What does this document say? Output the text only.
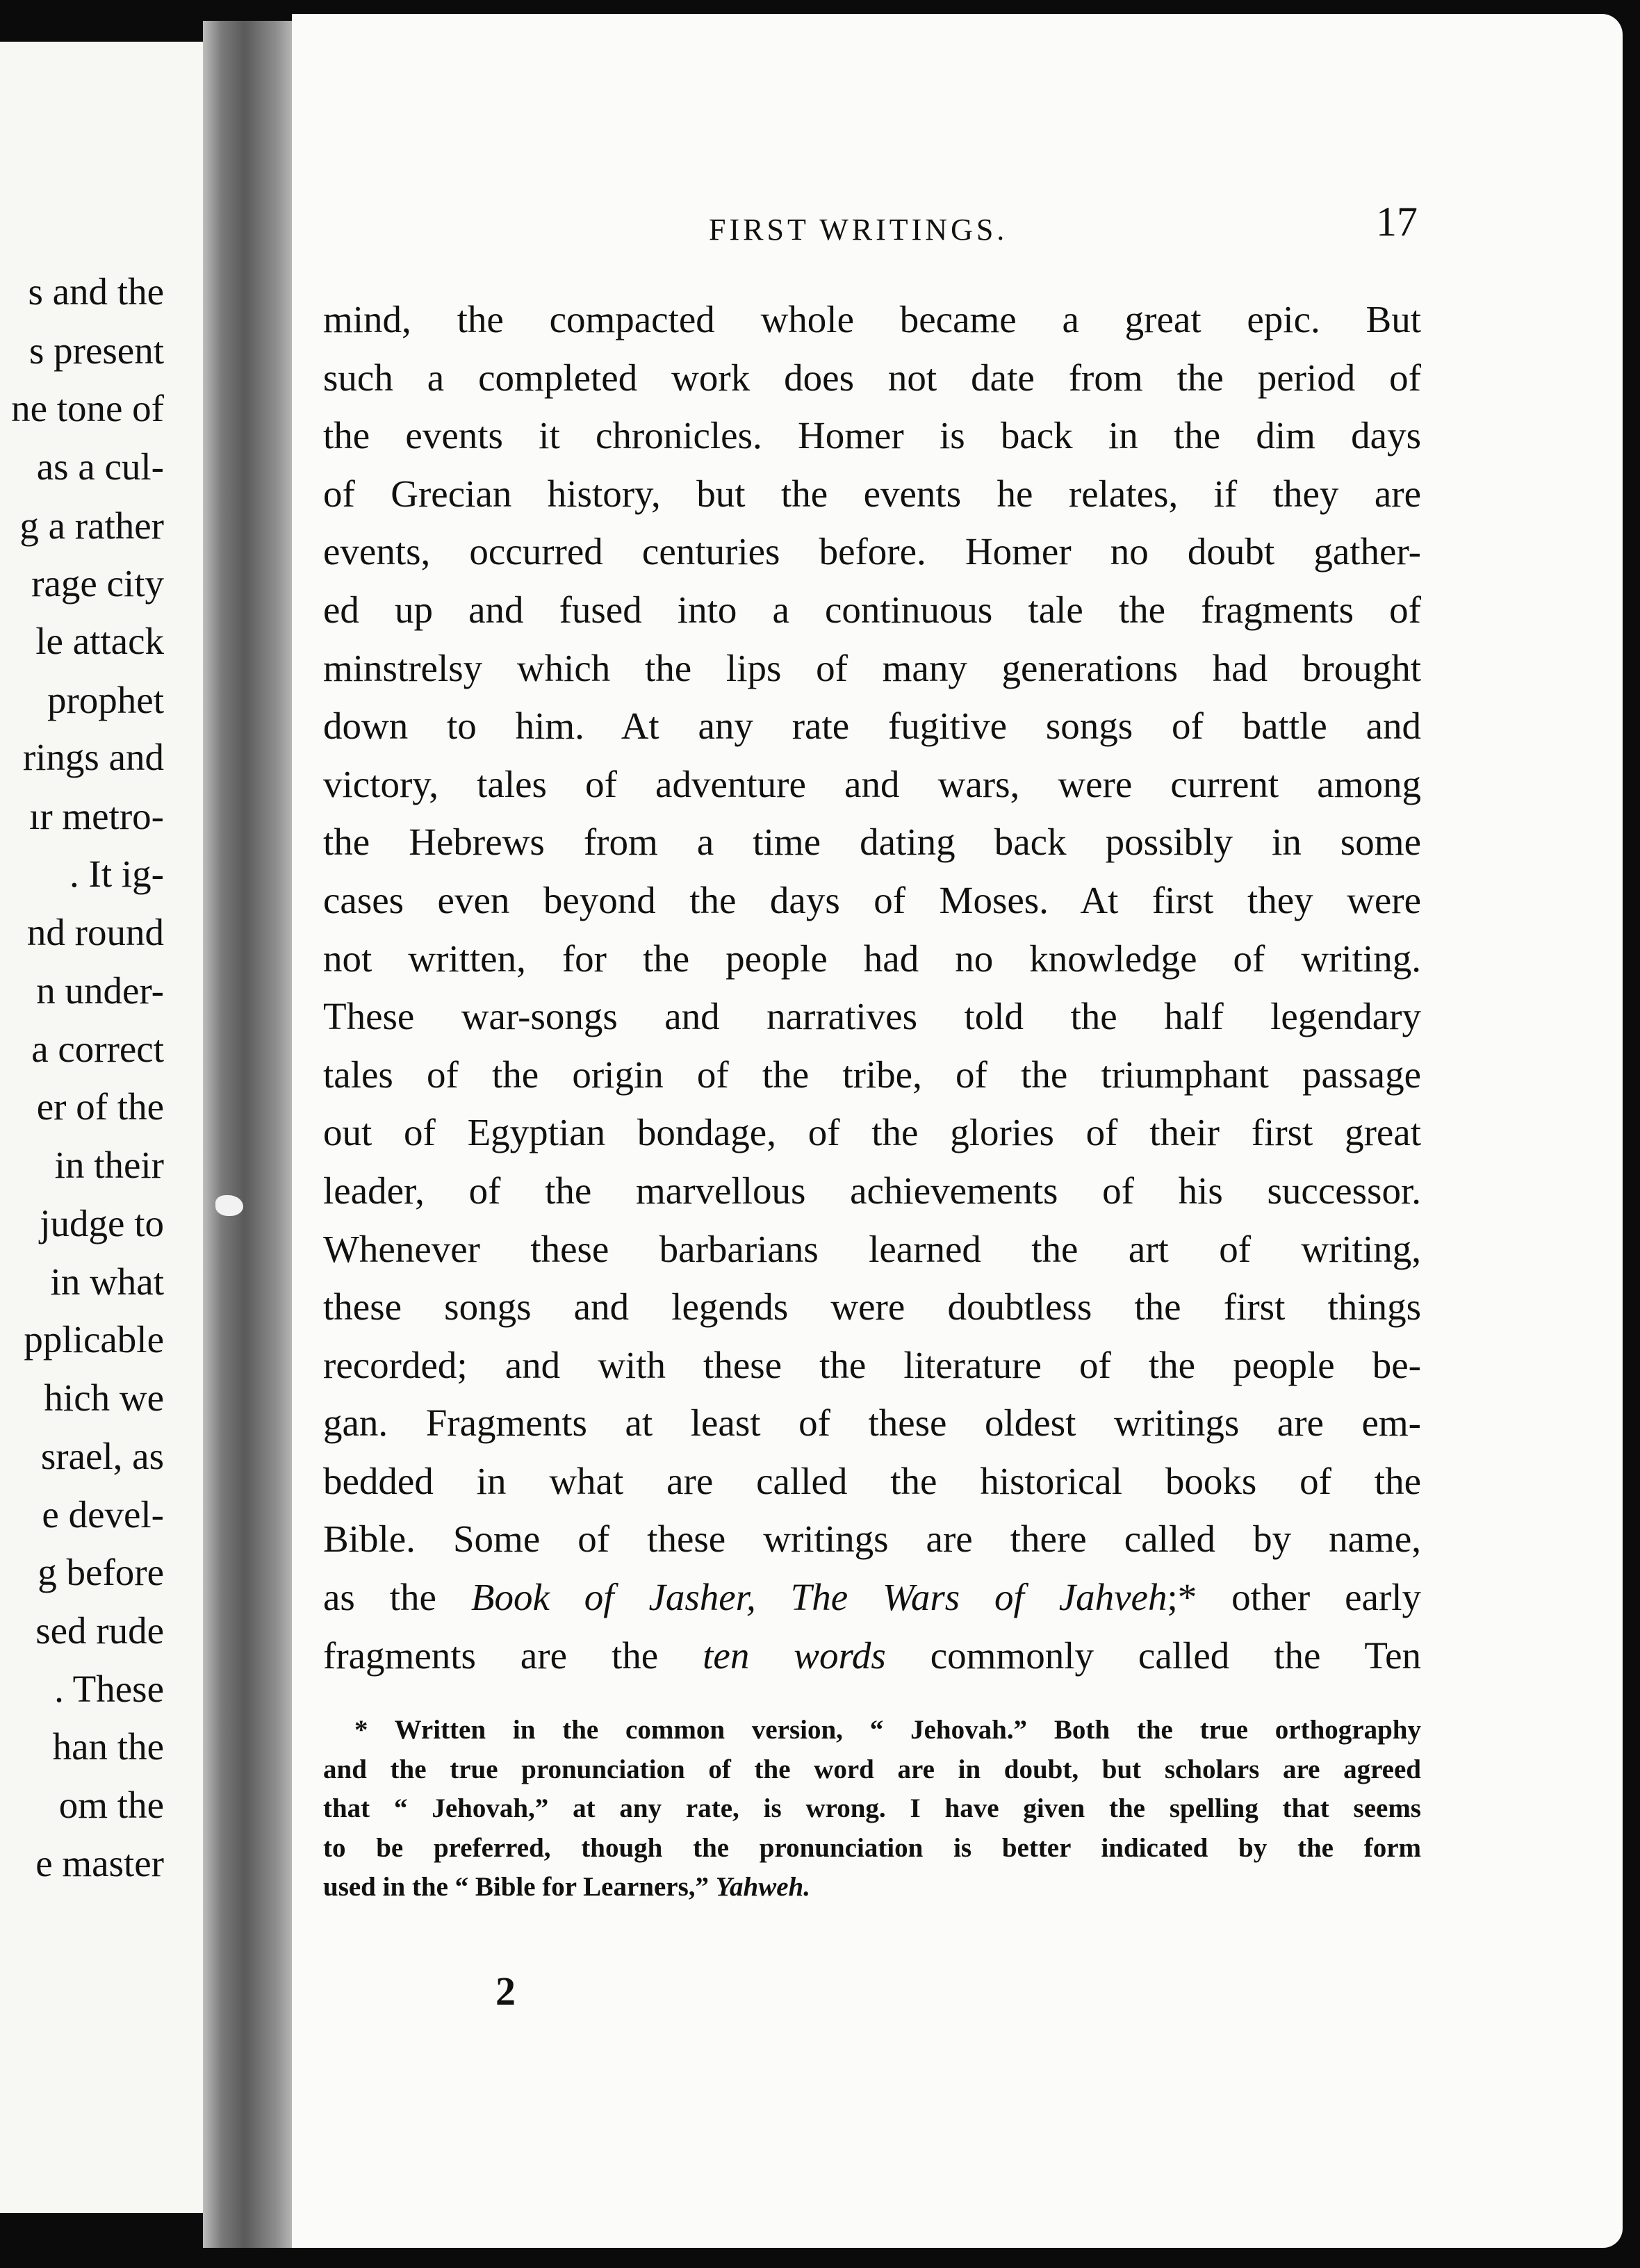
s and the
s present
ne tone of
as a cul-
g a rather
rage city
le attack
prophet
rings and
ır metro-
. It ig-
nd round
n under-
a correct
er of the
in their
judge to
in what
pplicable
hich we
srael, as
e devel-
g before
sed rude
. These
han the
om the
e master
FIRST WRITINGS.	17
mind, the compacted whole became a great epic. But
such a completed work does not date from the period of
the events it chronicles. Homer is back in the dim days
of Grecian history, but the events he relates, if they are
events, occurred centuries before. Homer no doubt gather-
ed up and fused into a continuous tale the fragments of
minstrelsy which the lips of many generations had brought
down to him. At any rate fugitive songs of battle and
victory, tales of adventure and wars, were current among
the Hebrews from a time dating back possibly in some
cases even beyond the days of Moses. At first they were
not written, for the people had no knowledge of writing.
These war-songs and narratives told the half legendary
tales of the origin of the tribe, of the triumphant passage
out of Egyptian bondage, of the glories of their first great
leader, of the marvellous achievements of his successor.
Whenever these barbarians learned the art of writing,
these songs and legends were doubtless the first things
recorded; and with these the literature of the people be-
gan. Fragments at least of these oldest writings are em-
bedded in what are called the historical books of the
Bible. Some of these writings are there called by name,
as the Book of Jasher, The Wars of Jahveh;* other early
fragments are the ten words commonly called the Ten
* Written in the common version, “ Jehovah.” Both the true orthography
and the true pronunciation of the word are in doubt, but scholars are agreed
that “ Jehovah,” at any rate, is wrong. I have given the spelling that seems
to be preferred, though the pronunciation is better indicated by the form
used in the “ Bible for Learners,” Yahweh.
2
